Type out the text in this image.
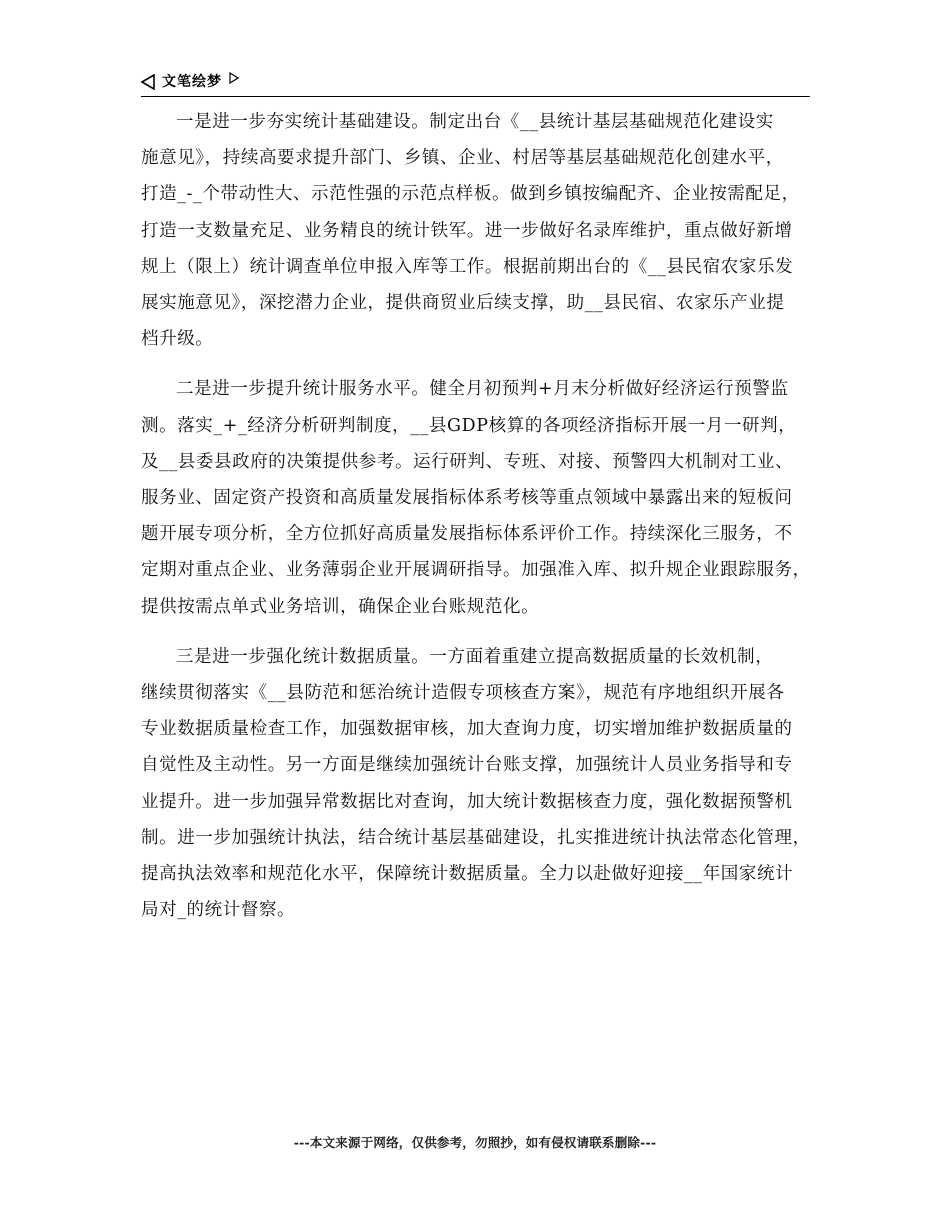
文笔绘梦

一是进一步夯实统计基础建设。制定出台《__县统计基层基础规范化建设实
施意见》，持续高要求提升部门、乡镇、企业、村居等基层基础规范化创建水平，
打造_-_个带动性大、示范性强的示范点样板。做到乡镇按编配齐、企业按需配足，
打造一支数量充足、业务精良的统计铁军。进一步做好名录库维护，重点做好新增
规上（限上）统计调查单位申报入库等工作。根据前期出台的《__县民宿农家乐发
展实施意见》，深挖潜力企业，提供商贸业后续支撑，助__县民宿、农家乐产业提
档升级。

二是进一步提升统计服务水平。健全月初预判+月末分析做好经济运行预警监
测。落实_+_经济分析研判制度，__县GDP核算的各项经济指标开展一月一研判，
及__县委县政府的决策提供参考。运行研判、专班、对接、预警四大机制对工业、
服务业、固定资产投资和高质量发展指标体系考核等重点领域中暴露出来的短板问
题开展专项分析，全方位抓好高质量发展指标体系评价工作。持续深化三服务，不
定期对重点企业、业务薄弱企业开展调研指导。加强准入库、拟升规企业跟踪服务，
提供按需点单式业务培训，确保企业台账规范化。

三是进一步强化统计数据质量。一方面着重建立提高数据质量的长效机制，
继续贯彻落实《__县防范和惩治统计造假专项核查方案》，规范有序地组织开展各
专业数据质量检查工作，加强数据审核，加大查询力度，切实增加维护数据质量的
自觉性及主动性。另一方面是继续加强统计台账支撑，加强统计人员业务指导和专
业提升。进一步加强异常数据比对查询，加大统计数据核查力度，强化数据预警机
制。进一步加强统计执法，结合统计基层基础建设，扎实推进统计执法常态化管理，
提高执法效率和规范化水平，保障统计数据质量。全力以赴做好迎接__年国家统计
局对_的统计督察。

---本文来源于网络，仅供参考，勿照抄，如有侵权请联系删除---
